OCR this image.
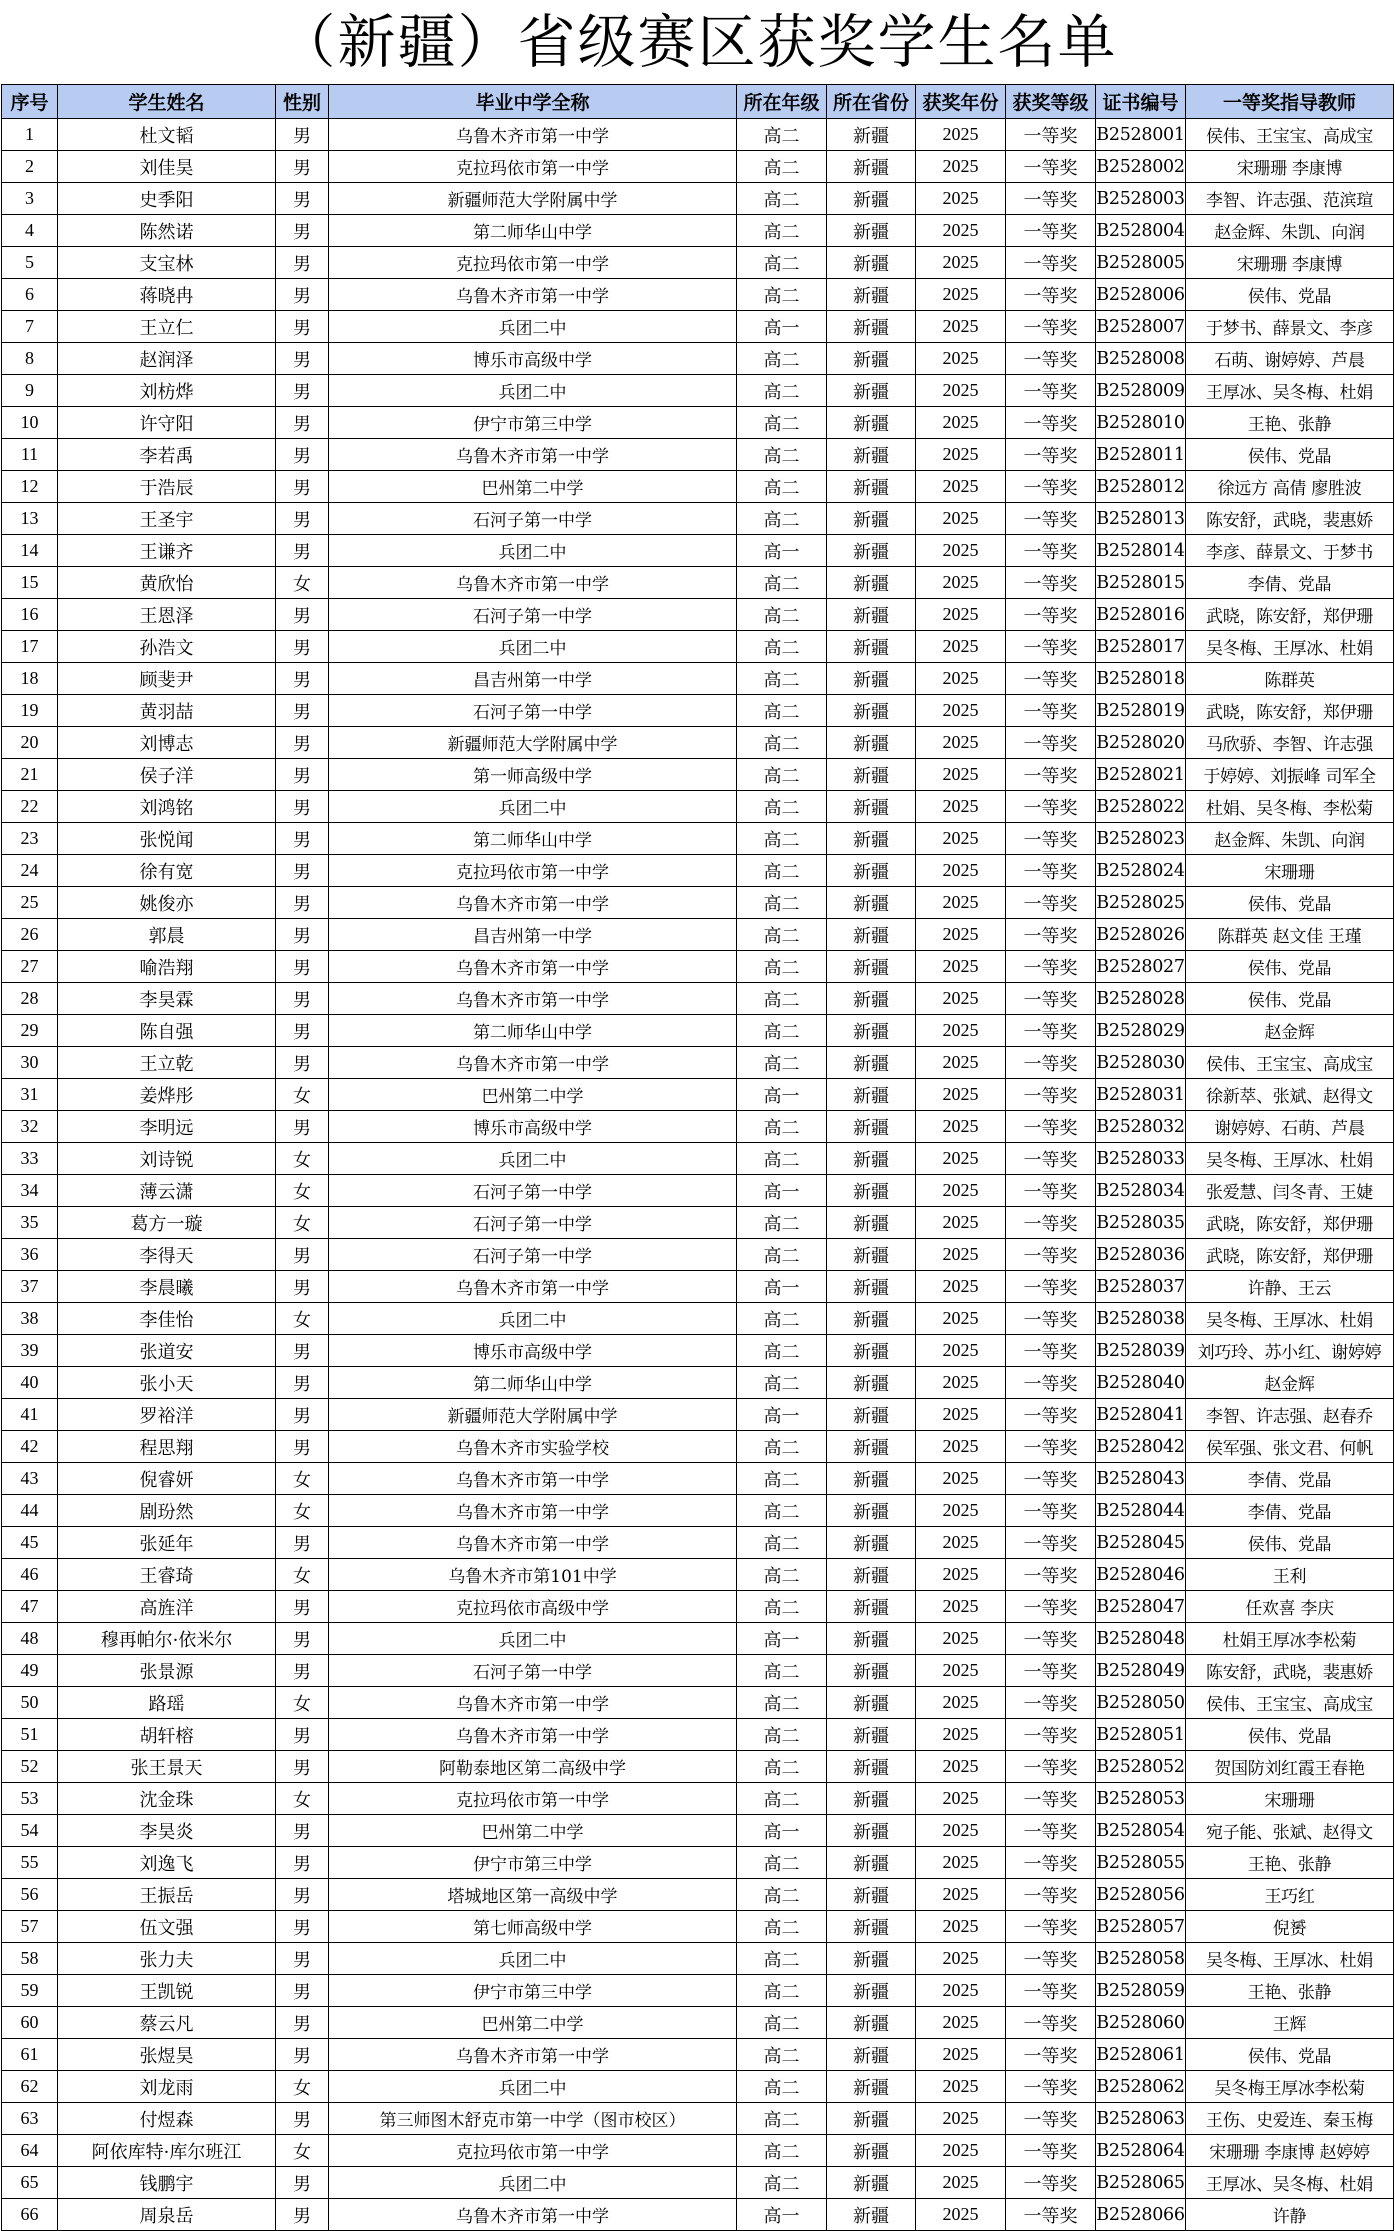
（新疆）省级赛区获奖学生名单
序号	学生姓名	性别	毕业中学全称	所在年级	所在省份	获奖年份	获奖等级	证书编号	一等奖指导教师
1	杜文韬	男	乌鲁木齐市第一中学	高二	新疆	2025	一等奖	B2528001	侯伟、王宝宝、高成宝
2	刘佳昊	男	克拉玛依市第一中学	高二	新疆	2025	一等奖	B2528002	宋珊珊 李康博
3	史季阳	男	新疆师范大学附属中学	高二	新疆	2025	一等奖	B2528003	李智、许志强、范滨瑄
4	陈然诺	男	第二师华山中学	高二	新疆	2025	一等奖	B2528004	赵金辉、朱凯、向润
5	支宝林	男	克拉玛依市第一中学	高二	新疆	2025	一等奖	B2528005	宋珊珊 李康博
6	蒋晓冉	男	乌鲁木齐市第一中学	高二	新疆	2025	一等奖	B2528006	侯伟、党晶
7	王立仁	男	兵团二中	高一	新疆	2025	一等奖	B2528007	于梦书、薛景文、李彦
8	赵润泽	男	博乐市高级中学	高二	新疆	2025	一等奖	B2528008	石萌、谢婷婷、芦晨
9	刘枋烨	男	兵团二中	高二	新疆	2025	一等奖	B2528009	王厚冰、吴冬梅、杜娟
10	许守阳	男	伊宁市第三中学	高二	新疆	2025	一等奖	B2528010	王艳、张静
11	李若禹	男	乌鲁木齐市第一中学	高二	新疆	2025	一等奖	B2528011	侯伟、党晶
12	于浩辰	男	巴州第二中学	高二	新疆	2025	一等奖	B2528012	徐远方 高倩 廖胜波
13	王圣宇	男	石河子第一中学	高二	新疆	2025	一等奖	B2528013	陈安舒，武晓，裴惠娇
14	王谦齐	男	兵团二中	高一	新疆	2025	一等奖	B2528014	李彦、薛景文、于梦书
15	黄欣怡	女	乌鲁木齐市第一中学	高二	新疆	2025	一等奖	B2528015	李倩、党晶
16	王恩泽	男	石河子第一中学	高二	新疆	2025	一等奖	B2528016	武晓，陈安舒，郑伊珊
17	孙浩文	男	兵团二中	高二	新疆	2025	一等奖	B2528017	吴冬梅、王厚冰、杜娟
18	顾斐尹	男	昌吉州第一中学	高二	新疆	2025	一等奖	B2528018	陈群英
19	黄羽喆	男	石河子第一中学	高二	新疆	2025	一等奖	B2528019	武晓，陈安舒，郑伊珊
20	刘博志	男	新疆师范大学附属中学	高二	新疆	2025	一等奖	B2528020	马欣骄、李智、许志强
21	侯子洋	男	第一师高级中学	高二	新疆	2025	一等奖	B2528021	于婷婷、刘振峰 司军全
22	刘鸿铭	男	兵团二中	高二	新疆	2025	一等奖	B2528022	杜娟、吴冬梅、李松菊
23	张悦闻	男	第二师华山中学	高二	新疆	2025	一等奖	B2528023	赵金辉、朱凯、向润
24	徐有宽	男	克拉玛依市第一中学	高二	新疆	2025	一等奖	B2528024	宋珊珊
25	姚俊亦	男	乌鲁木齐市第一中学	高二	新疆	2025	一等奖	B2528025	侯伟、党晶
26	郭晨	男	昌吉州第一中学	高二	新疆	2025	一等奖	B2528026	陈群英 赵文佳 王瑾
27	喻浩翔	男	乌鲁木齐市第一中学	高二	新疆	2025	一等奖	B2528027	侯伟、党晶
28	李昊霖	男	乌鲁木齐市第一中学	高二	新疆	2025	一等奖	B2528028	侯伟、党晶
29	陈自强	男	第二师华山中学	高二	新疆	2025	一等奖	B2528029	赵金辉
30	王立乾	男	乌鲁木齐市第一中学	高二	新疆	2025	一等奖	B2528030	侯伟、王宝宝、高成宝
31	姜烨彤	女	巴州第二中学	高一	新疆	2025	一等奖	B2528031	徐新萃、张斌、赵得文
32	李明远	男	博乐市高级中学	高二	新疆	2025	一等奖	B2528032	谢婷婷、石萌、芦晨
33	刘诗锐	女	兵团二中	高二	新疆	2025	一等奖	B2528033	吴冬梅、王厚冰、杜娟
34	薄云潇	女	石河子第一中学	高一	新疆	2025	一等奖	B2528034	张爱慧、闫冬青、王婕
35	葛方一璇	女	石河子第一中学	高二	新疆	2025	一等奖	B2528035	武晓，陈安舒，郑伊珊
36	李得天	男	石河子第一中学	高二	新疆	2025	一等奖	B2528036	武晓，陈安舒，郑伊珊
37	李晨曦	男	乌鲁木齐市第一中学	高一	新疆	2025	一等奖	B2528037	许静、王云
38	李佳怡	女	兵团二中	高二	新疆	2025	一等奖	B2528038	吴冬梅、王厚冰、杜娟
39	张道安	男	博乐市高级中学	高二	新疆	2025	一等奖	B2528039	刘巧玲、苏小红、谢婷婷
40	张小天	男	第二师华山中学	高二	新疆	2025	一等奖	B2528040	赵金辉
41	罗裕洋	男	新疆师范大学附属中学	高一	新疆	2025	一等奖	B2528041	李智、许志强、赵春乔
42	程思翔	男	乌鲁木齐市实验学校	高二	新疆	2025	一等奖	B2528042	侯军强、张文君、何帆
43	倪睿妍	女	乌鲁木齐市第一中学	高二	新疆	2025	一等奖	B2528043	李倩、党晶
44	剧玢然	女	乌鲁木齐市第一中学	高二	新疆	2025	一等奖	B2528044	李倩、党晶
45	张延年	男	乌鲁木齐市第一中学	高二	新疆	2025	一等奖	B2528045	侯伟、党晶
46	王睿琦	女	乌鲁木齐市第101中学	高二	新疆	2025	一等奖	B2528046	王利
47	高旌洋	男	克拉玛依市高级中学	高二	新疆	2025	一等奖	B2528047	任欢喜 李庆
48	穆再帕尔·依米尔	男	兵团二中	高一	新疆	2025	一等奖	B2528048	杜娟王厚冰李松菊
49	张景源	男	石河子第一中学	高二	新疆	2025	一等奖	B2528049	陈安舒，武晓，裴惠娇
50	路瑶	女	乌鲁木齐市第一中学	高二	新疆	2025	一等奖	B2528050	侯伟、王宝宝、高成宝
51	胡轩榕	男	乌鲁木齐市第一中学	高二	新疆	2025	一等奖	B2528051	侯伟、党晶
52	张王景天	男	阿勒泰地区第二高级中学	高二	新疆	2025	一等奖	B2528052	贺国防刘红霞王春艳
53	沈金珠	女	克拉玛依市第一中学	高二	新疆	2025	一等奖	B2528053	宋珊珊
54	李昊炎	男	巴州第二中学	高一	新疆	2025	一等奖	B2528054	宛子能、张斌、赵得文
55	刘逸飞	男	伊宁市第三中学	高二	新疆	2025	一等奖	B2528055	王艳、张静
56	王振岳	男	塔城地区第一高级中学	高二	新疆	2025	一等奖	B2528056	王巧红
57	伍文强	男	第七师高级中学	高二	新疆	2025	一等奖	B2528057	倪赟
58	张力夫	男	兵团二中	高二	新疆	2025	一等奖	B2528058	吴冬梅、王厚冰、杜娟
59	王凯锐	男	伊宁市第三中学	高二	新疆	2025	一等奖	B2528059	王艳、张静
60	蔡云凡	男	巴州第二中学	高二	新疆	2025	一等奖	B2528060	王辉
61	张煜昊	男	乌鲁木齐市第一中学	高二	新疆	2025	一等奖	B2528061	侯伟、党晶
62	刘龙雨	女	兵团二中	高二	新疆	2025	一等奖	B2528062	吴冬梅王厚冰李松菊
63	付煜森	男	第三师图木舒克市第一中学（图市校区）	高二	新疆	2025	一等奖	B2528063	王伤、史爱连、秦玉梅
64	阿依库特·库尔班江	女	克拉玛依市第一中学	高二	新疆	2025	一等奖	B2528064	宋珊珊 李康博 赵婷婷
65	钱鹏宇	男	兵团二中	高二	新疆	2025	一等奖	B2528065	王厚冰、吴冬梅、杜娟
66	周泉岳	男	乌鲁木齐市第一中学	高一	新疆	2025	一等奖	B2528066	许静
